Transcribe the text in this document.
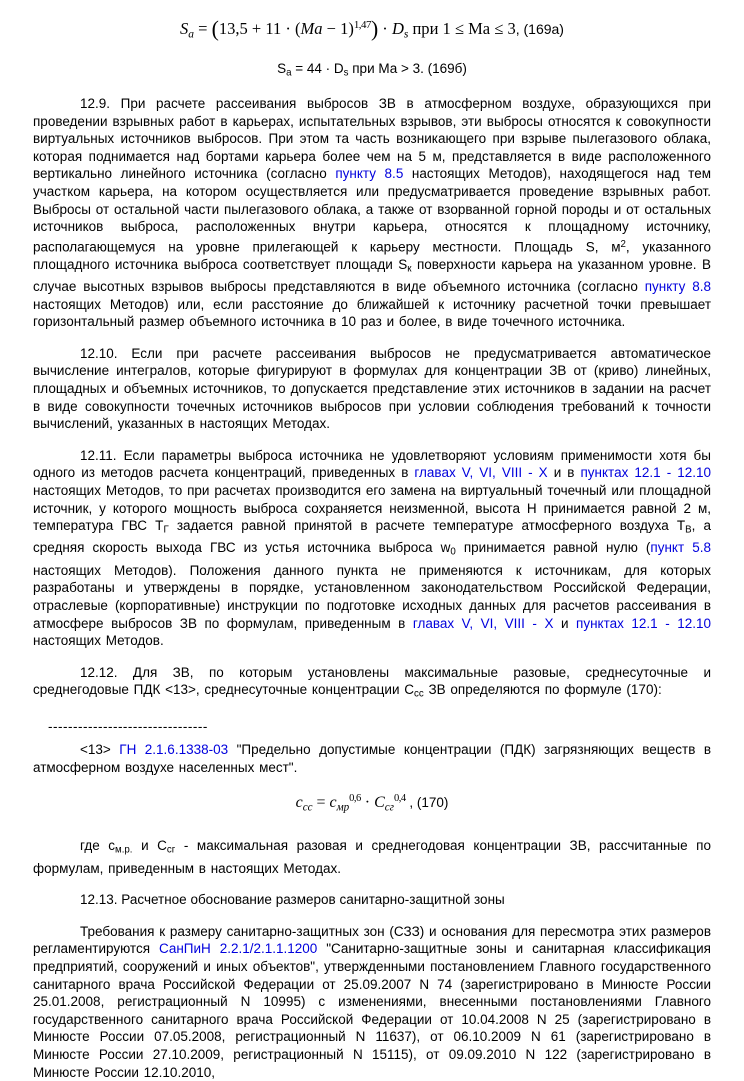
$S_a = (13,5 + 11 \cdot (Ma - 1)^{1,47}) \cdot D_s$ при 1 ≤ Ma ≤ 3, (169а)
$S_а = 44 \cdot D_s$ при Ма > 3. (169б)

12.9. При расчете рассеивания выбросов ЗВ в атмосферном воздухе, образующихся при проведении взрывных работ в карьерах, испытательных взрывов, эти выбросы относятся к совокупности виртуальных источников выбросов. При этом та часть возникающего при взрыве пылегазового облака, которая поднимается над бортами карьера более чем на 5 м, представляется в виде расположенного вертикально линейного источника (согласно пункту 8.5 настоящих Методов), находящегося над тем участком карьера, на котором осуществляется или предусматривается проведение взрывных работ. Выбросы от остальной части пылегазового облака, а также от взорванной горной породы и от остальных источников выброса, расположенных внутри карьера, относятся к площадному источнику, располагающемуся на уровне прилегающей к карьеру местности. Площадь S, $м^2$, указанного площадного источника выброса соответствует площади $S_к$ поверхности карьера на указанном уровне. В случае высотных взрывов выбросы представляются в виде объемного источника (согласно пункту 8.8 настоящих Методов) или, если расстояние до ближайшей к источнику расчетной точки превышает горизонтальный размер объемного источника в 10 раз и более, в виде точечного источника.

12.10. Если при расчете рассеивания выбросов не предусматривается автоматическое вычисление интегралов, которые фигурируют в формулах для концентрации ЗВ от (криво) линейных, площадных и объемных источников, то допускается представление этих источников в задании на расчет в виде совокупности точечных источников выбросов при условии соблюдения требований к точности вычислений, указанных в настоящих Методах.

12.11. Если параметры выброса источника не удовлетворяют условиям применимости хотя бы одного из методов расчета концентраций, приведенных в главах V, VI, VIII - X и в пунктах 12.1 - 12.10 настоящих Методов, то при расчетах производится его замена на виртуальный точечный или площадной источник, у которого мощность выброса сохраняется неизменной, высота H принимается равной 2 м, температура ГВС $Т_Г$ задается равной принятой в расчете температуре атмосферного воздуха $Т_В$, а средняя скорость выхода ГВС из устья источника выброса $w_0$ принимается равной нулю (пункт 5.8 настоящих Методов). Положения данного пункта не применяются к источникам, для которых разработаны и утверждены в порядке, установленном законодательством Российской Федерации, отраслевые (корпоративные) инструкции по подготовке исходных данных для расчетов рассеивания в атмосфере выбросов ЗВ по формулам, приведенным в главах V, VI, VIII - X и пунктах 12.1 - 12.10 настоящих Методов.

12.12. Для ЗВ, по которым установлены максимальные разовые, среднесуточные и среднегодовые ПДК <13>, среднесуточные концентрации $С_{сс}$ ЗВ определяются по формуле (170):

--------------------------------

<13> ГН 2.1.6.1338-03 "Предельно допустимые концентрации (ПДК) загрязняющих веществ в атмосферном воздухе населенных мест".

$c_{сс} = c_{мр}^{0,6} \cdot C_{сг}^{0,4}$ , (170)

где $с_{м.р.}$ и $С_{сг}$ - максимальная разовая и среднегодовая концентрации ЗВ, рассчитанные по формулам, приведенным в настоящих Методах.

12.13. Расчетное обоснование размеров санитарно-защитной зоны

Требования к размеру санитарно-защитных зон (СЗЗ) и основания для пересмотра этих размеров регламентируются СанПиН 2.2.1/2.1.1.1200 "Санитарно-защитные зоны и санитарная классификация предприятий, сооружений и иных объектов", утвержденными постановлением Главного государственного санитарного врача Российской Федерации от 25.09.2007 N 74 (зарегистрировано в Минюсте России 25.01.2008, регистрационный N 10995) с изменениями, внесенными постановлениями Главного государственного санитарного врача Российской Федерации от 10.04.2008 N 25 (зарегистрировано в Минюсте России 07.05.2008, регистрационный N 11637), от 06.10.2009 N 61 (зарегистрировано в Минюсте России 27.10.2009, регистрационный N 15115), от 09.09.2010 N 122 (зарегистрировано в Минюсте России 12.10.2010,
